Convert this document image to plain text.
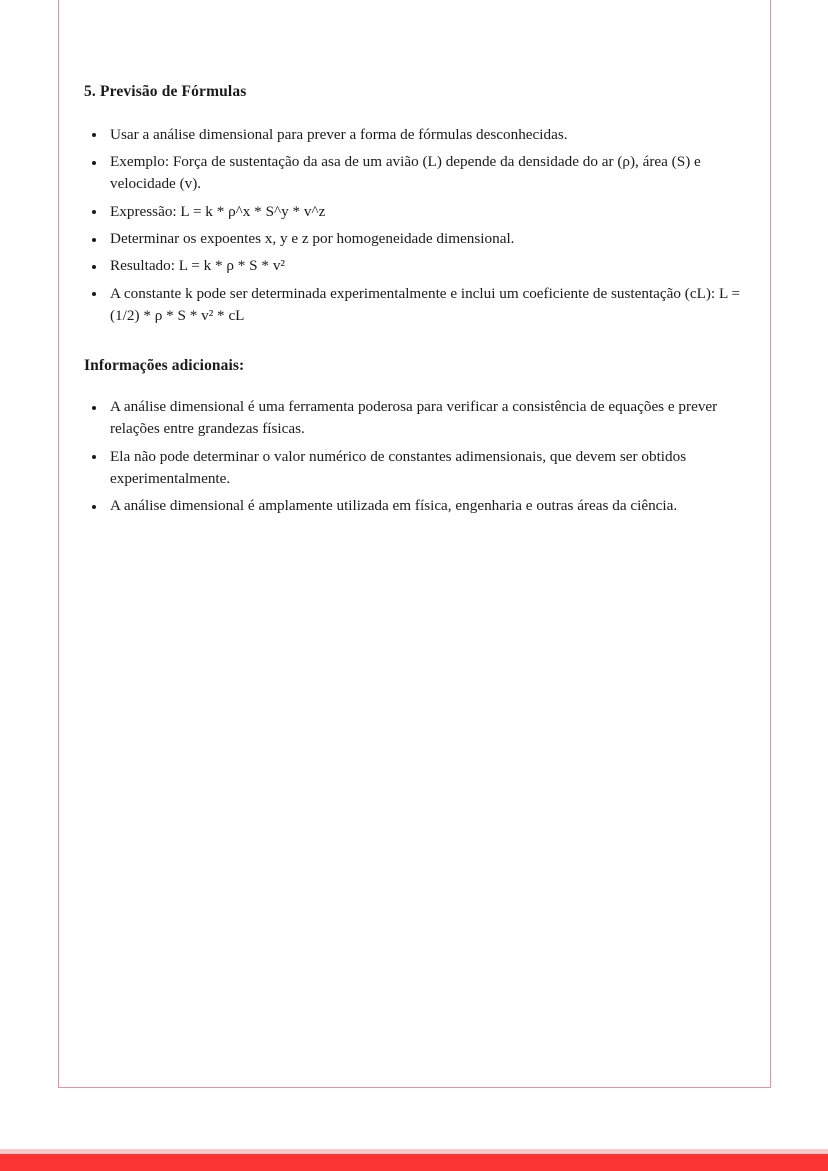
5. Previsão de Fórmulas
Usar a análise dimensional para prever a forma de fórmulas desconhecidas.
Exemplo: Força de sustentação da asa de um avião (L) depende da densidade do ar (ρ), área (S) e velocidade (v).
Expressão: L = k * ρ^x * S^y * v^z
Determinar os expoentes x, y e z por homogeneidade dimensional.
Resultado: L = k * ρ * S * v²
A constante k pode ser determinada experimentalmente e inclui um coeficiente de sustentação (cL): L = (1/2) * ρ * S * v² * cL
Informações adicionais:
A análise dimensional é uma ferramenta poderosa para verificar a consistência de equações e prever relações entre grandezas físicas.
Ela não pode determinar o valor numérico de constantes adimensionais, que devem ser obtidos experimentalmente.
A análise dimensional é amplamente utilizada em física, engenharia e outras áreas da ciência.
